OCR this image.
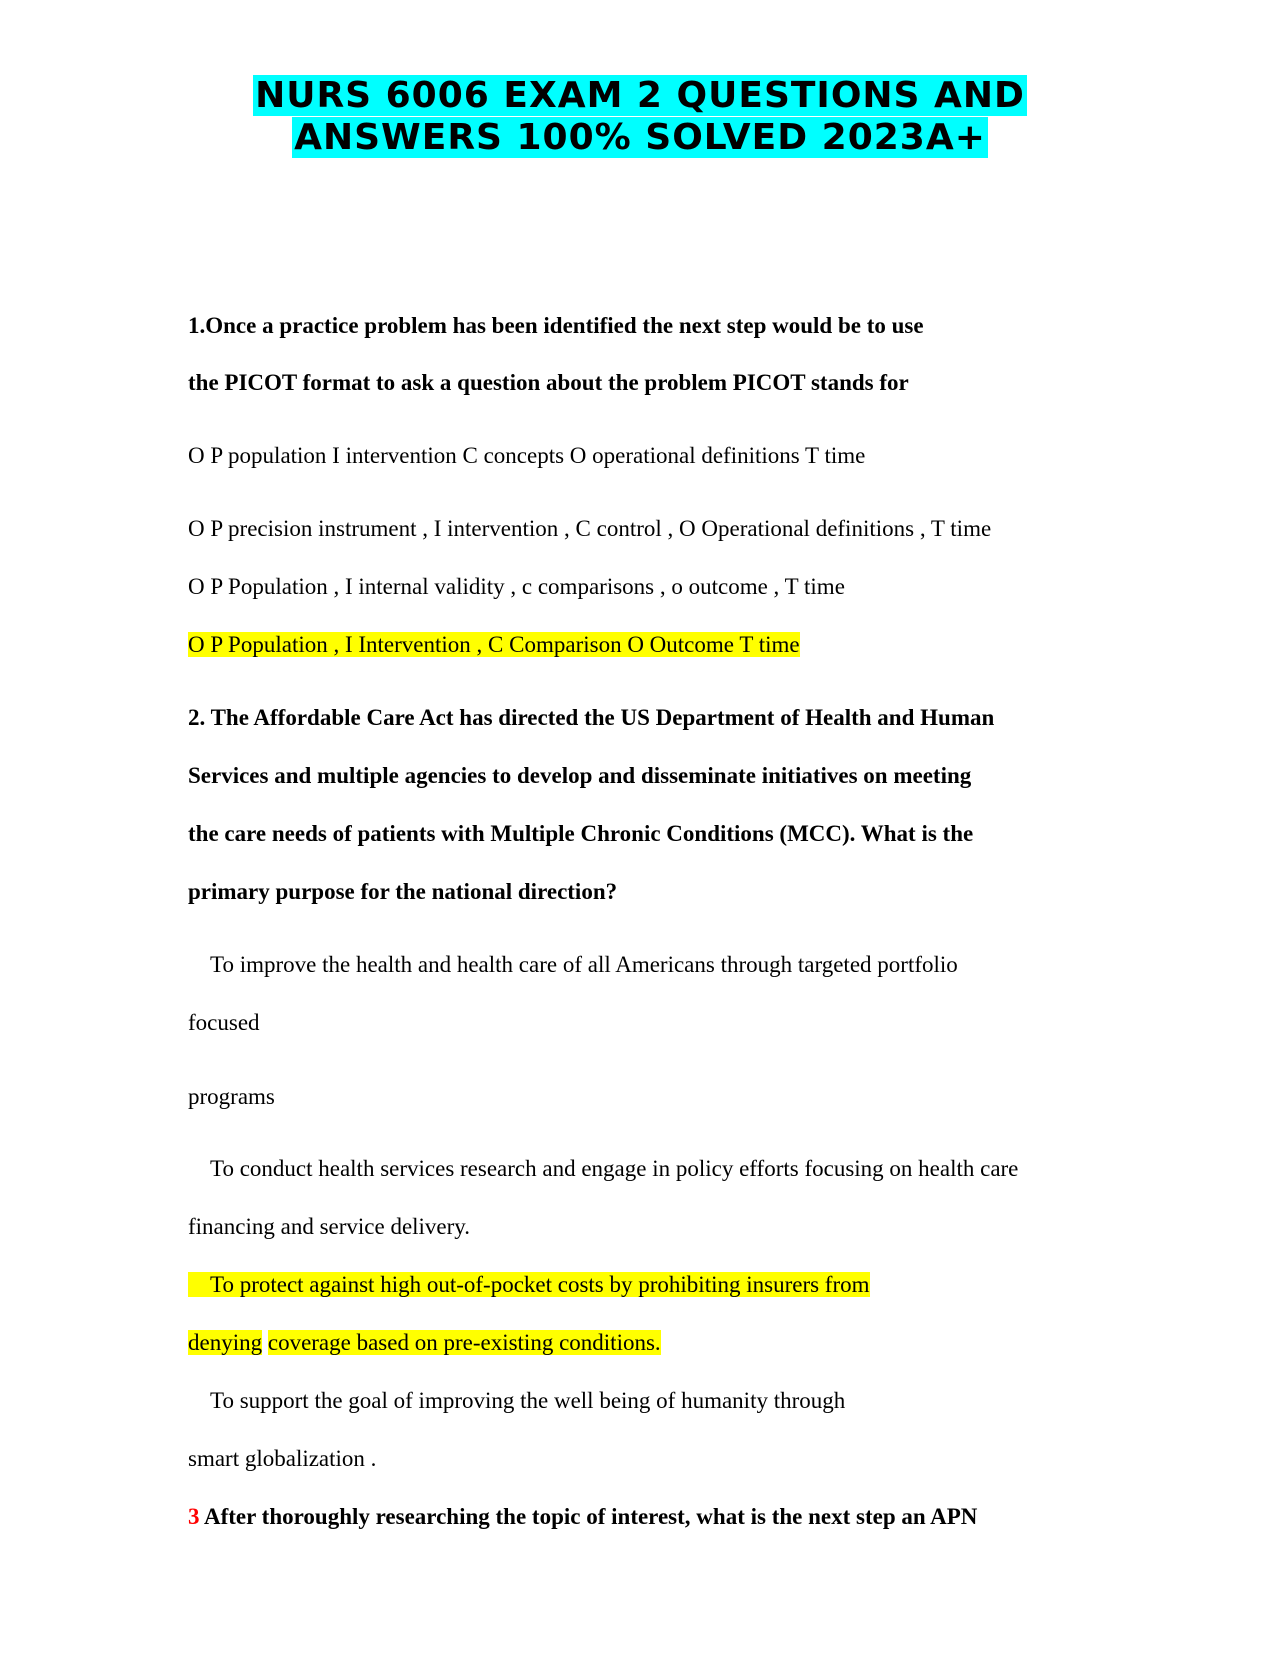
NURS 6006 EXAM 2 QUESTIONS AND
ANSWERS 100% SOLVED 2023A+
1.Once a practice problem has been identified the next step would be to use
the PICOT format to ask a question about the problem PICOT stands for
O P population I intervention C concepts O operational definitions T time
O P precision instrument , I intervention , C control , O Operational definitions , T time
O P Population , I internal validity , c comparisons , o outcome , T time
O P Population , I Intervention , C Comparison O Outcome T time
2. The Affordable Care Act has directed the US Department of Health and Human
Services and multiple agencies to develop and disseminate initiatives on meeting
the care needs of patients with Multiple Chronic Conditions (MCC). What is the
primary purpose for the national direction?
To improve the health and health care of all Americans through targeted portfolio
focused
programs
To conduct health services research and engage in policy efforts focusing on health care
financing and service delivery.
To protect against high out-of-pocket costs by prohibiting insurers from
denying coverage based on pre-existing conditions.
To support the goal of improving the well being of humanity through
smart globalization .
3 After thoroughly researching the topic of interest, what is the next step an APN
